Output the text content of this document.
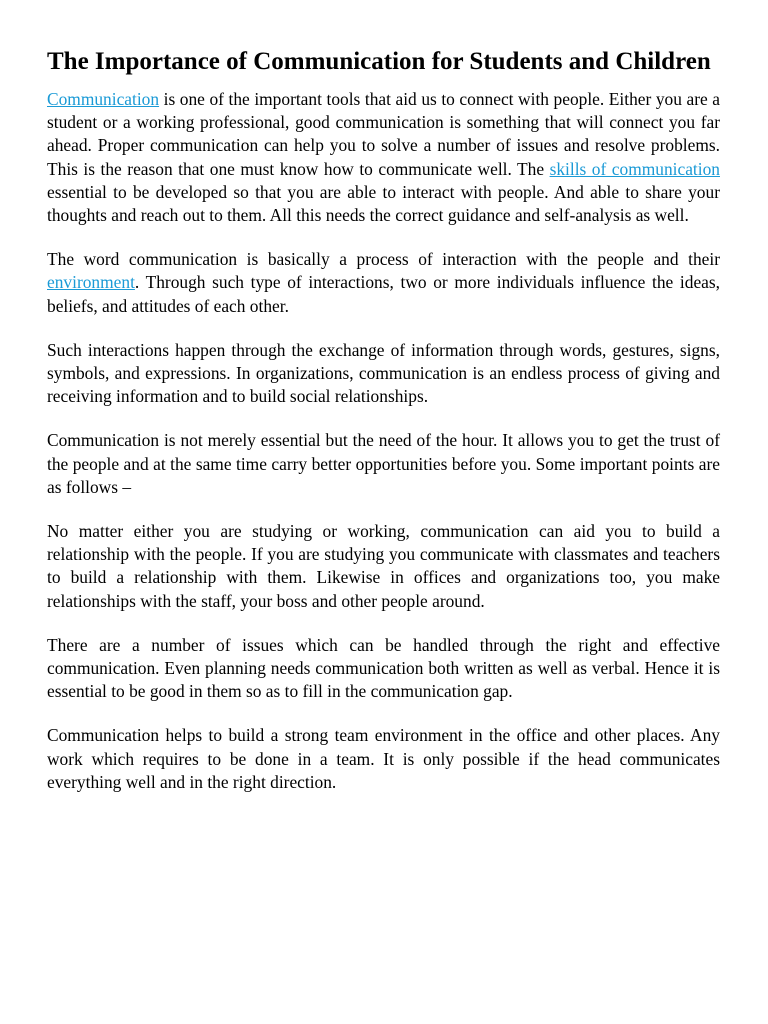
The Importance of Communication for Students and Children

Communication is one of the important tools that aid us to connect with people. Either you are a student or a working professional, good communication is something that will connect you far ahead. Proper communication can help you to solve a number of issues and resolve problems. This is the reason that one must know how to communicate well. The skills of communication essential to be developed so that you are able to interact with people. And able to share your thoughts and reach out to them. All this needs the correct guidance and self-analysis as well.

The word communication is basically a process of interaction with the people and their environment. Through such type of interactions, two or more individuals influence the ideas, beliefs, and attitudes of each other.

Such interactions happen through the exchange of information through words, gestures, signs, symbols, and expressions. In organizations, communication is an endless process of giving and receiving information and to build social relationships.

Communication is not merely essential but the need of the hour. It allows you to get the trust of the people and at the same time carry better opportunities before you. Some important points are as follows –

No matter either you are studying or working, communication can aid you to build a relationship with the people. If you are studying you communicate with classmates and teachers to build a relationship with them. Likewise in offices and organizations too, you make relationships with the staff, your boss and other people around.

There are a number of issues which can be handled through the right and effective communication. Even planning needs communication both written as well as verbal. Hence it is essential to be good in them so as to fill in the communication gap.

Communication helps to build a strong team environment in the office and other places. Any work which requires to be done in a team. It is only possible if the head communicates everything well and in the right direction.
